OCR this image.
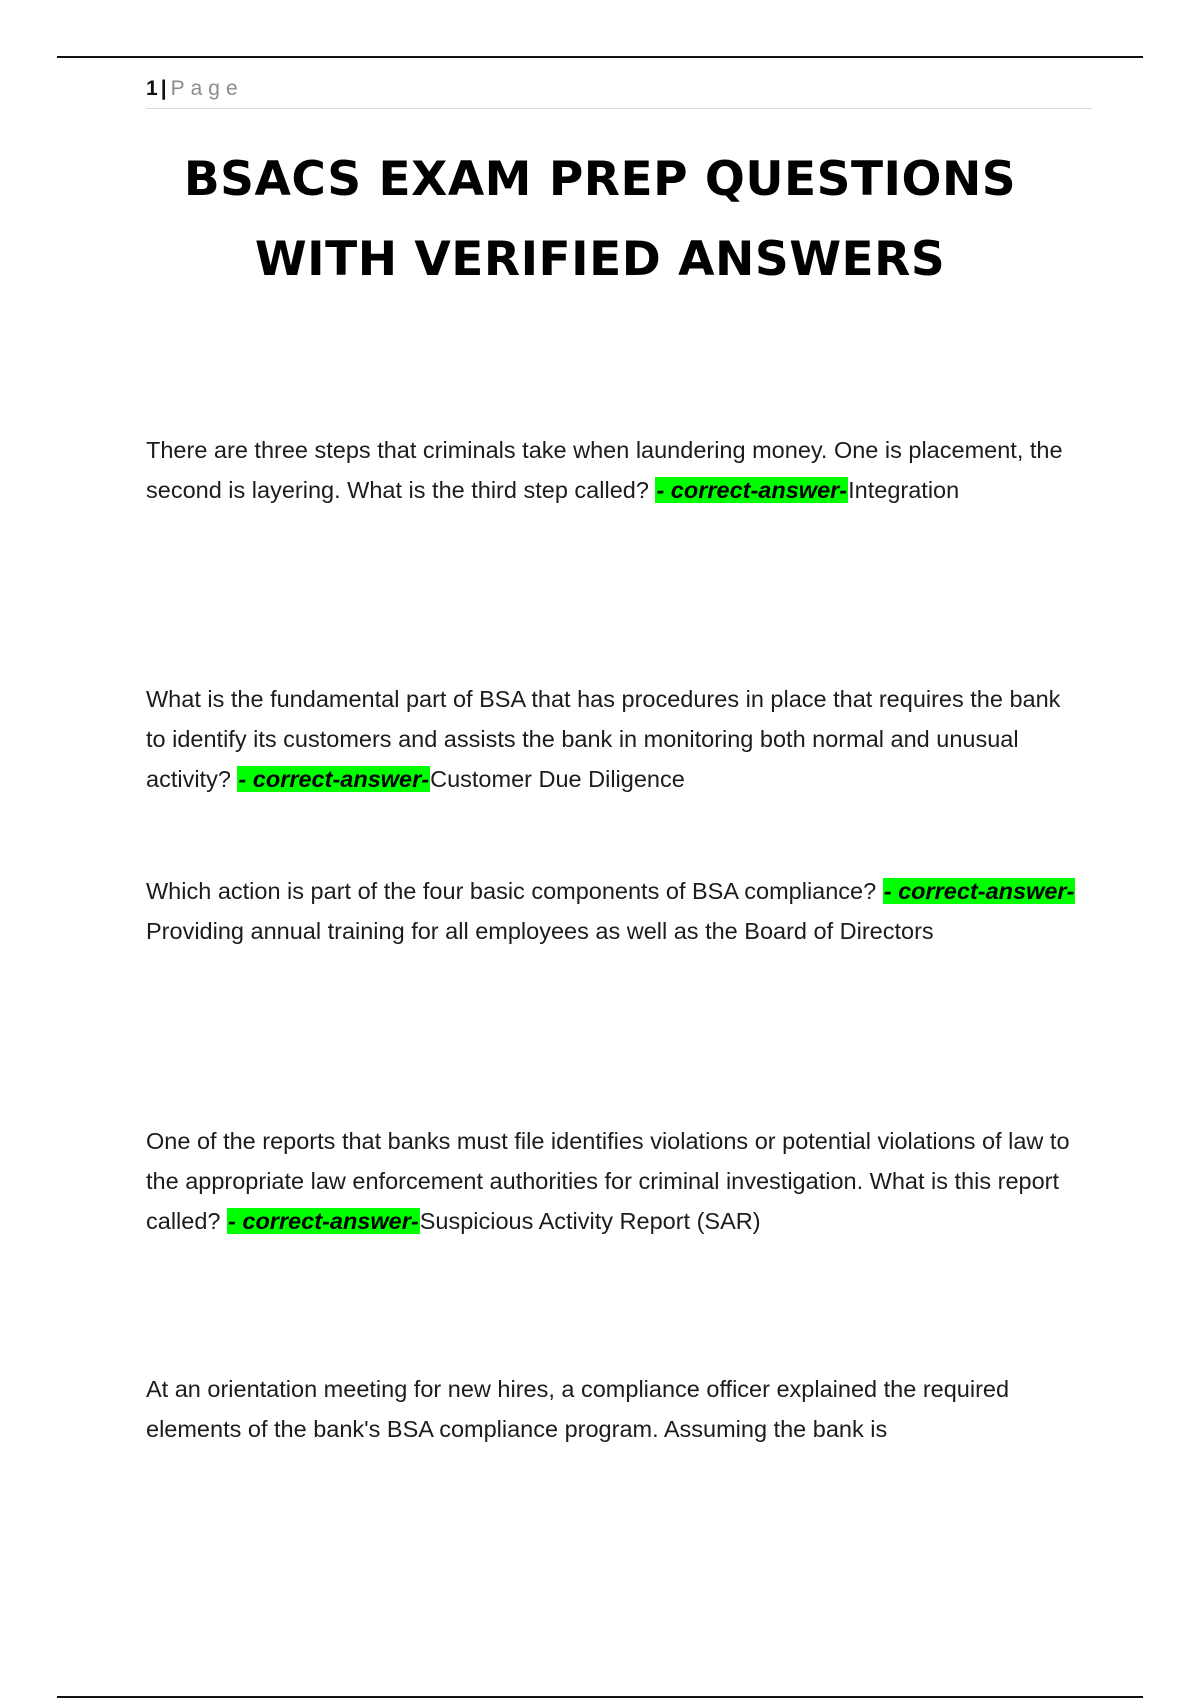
1 | Page
BSACS EXAM PREP QUESTIONS
WITH VERIFIED ANSWERS

There are three steps that criminals take when laundering money. One is placement, the second is layering. What is the third step called? - correct-answer-Integration

What is the fundamental part of BSA that has procedures in place that requires the bank to identify its customers and assists the bank in monitoring both normal and unusual activity? - correct-answer-Customer Due Diligence

Which action is part of the four basic components of BSA compliance? - correct-answer-Providing annual training for all employees as well as the Board of Directors

One of the reports that banks must file identifies violations or potential violations of law to the appropriate law enforcement authorities for criminal investigation. What is this report called? - correct-answer-Suspicious Activity Report (SAR)

At an orientation meeting for new hires, a compliance officer explained the required elements of the bank's BSA compliance program. Assuming the bank is
